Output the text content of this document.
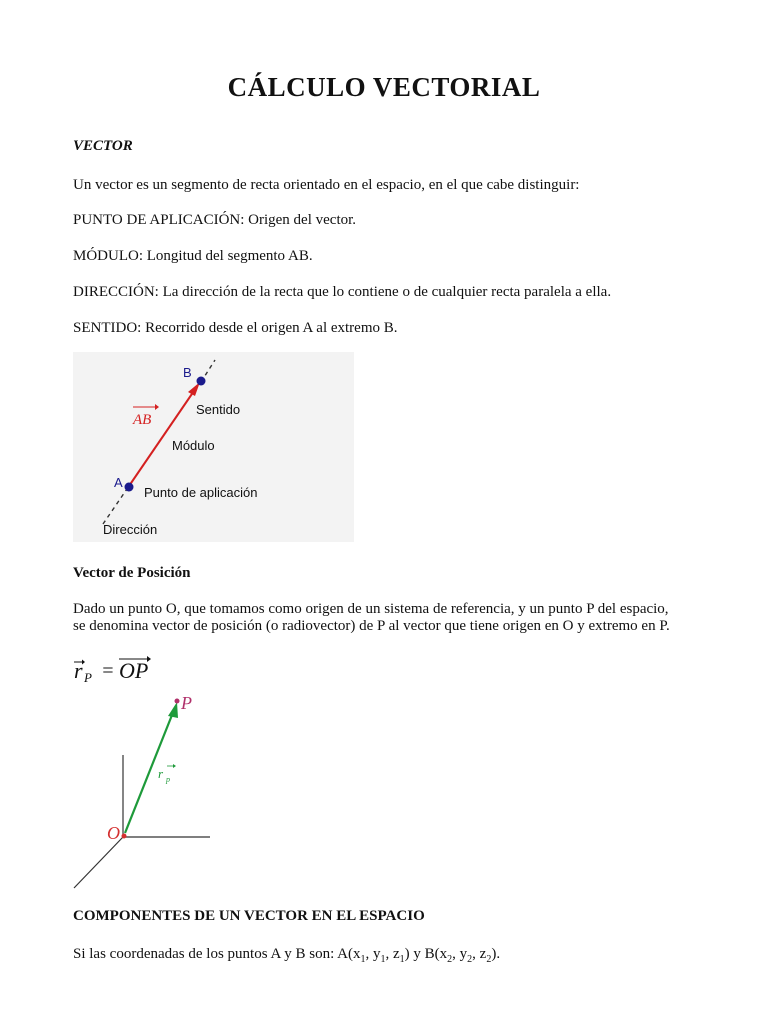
CÁLCULO VECTORIAL
VECTOR
Un vector es un segmento de recta orientado en el espacio, en el que cabe distinguir:
PUNTO DE APLICACIÓN: Origen del vector.
MÓDULO: Longitud del segmento AB.
DIRECCIÓN: La dirección de la recta que lo contiene o de cualquier recta paralela a ella.
SENTIDO: Recorrido desde el origen A al extremo B.
B
A
AB
Sentido
Módulo
Punto de aplicación
Dirección
Vector de Posición
Dado un punto O, que tomamos como origen de un sistema de referencia, y un punto P del espacio,
se denomina vector de posición (o radiovector) de P al vector que tiene origen en O y extremo en P.
r P = OP
P
O
r p
COMPONENTES DE UN VECTOR EN EL ESPACIO
Si las coordenadas de los puntos A y B son: $A(x_1$, $y_1$, $z_1$) y $B(x_2$, $y_2$, $z_2$).
